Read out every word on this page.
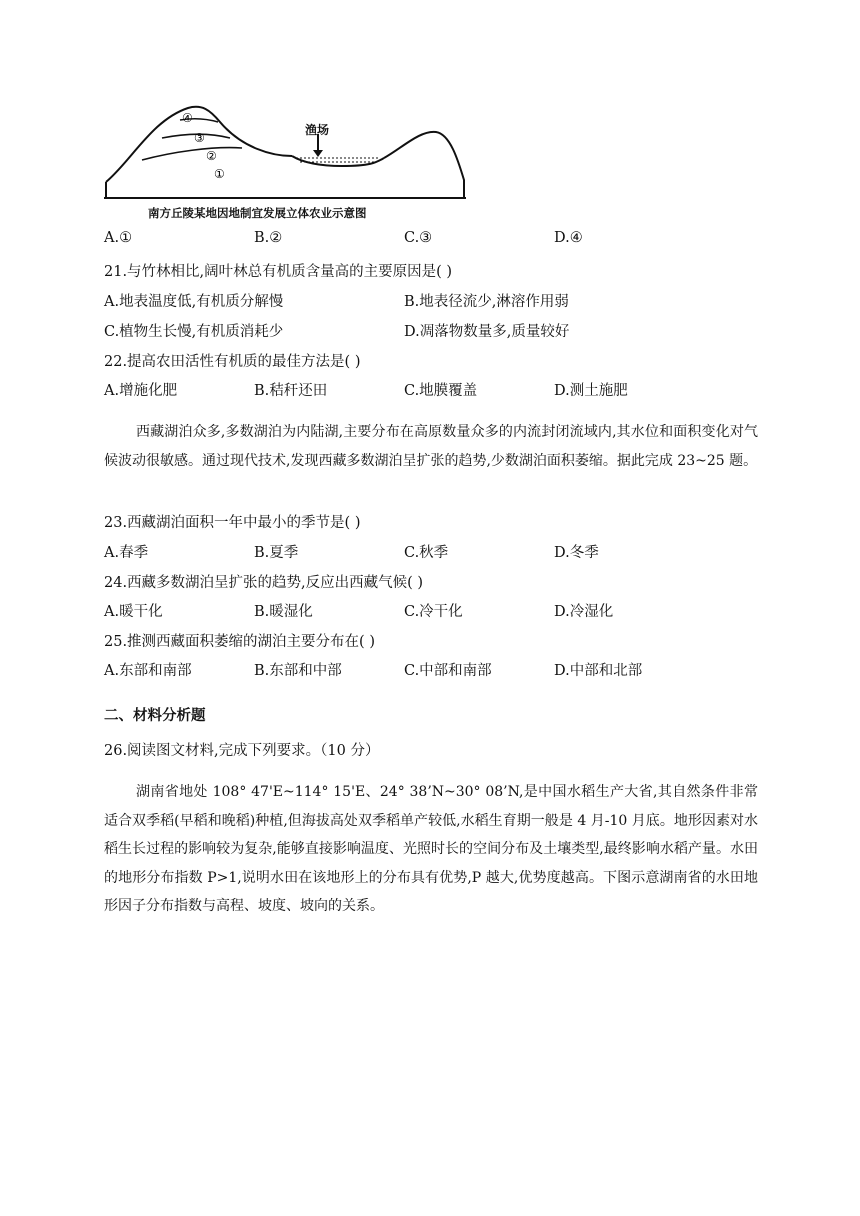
①
②
③
④
渔场
南方丘陵某地因地制宜发展立体农业示意图
A.①	B.②	C.③	D.④
21.与竹林相比,阔叶林总有机质含量高的主要原因是( )
A.地表温度低,有机质分解慢	B.地表径流少,淋溶作用弱
C.植物生长慢,有机质消耗少	D.凋落物数量多,质量较好
22.提高农田活性有机质的最佳方法是( )
A.增施化肥	B.秸秆还田	C.地膜覆盖	D.测土施肥
西藏湖泊众多,多数湖泊为内陆湖,主要分布在高原数量众多的内流封闭流域内,其水位和面积变化对气候波动很敏感。通过现代技术,发现西藏多数湖泊呈扩张的趋势,少数湖泊面积萎缩。据此完成 23~25 题。
23.西藏湖泊面积一年中最小的季节是( )
A.春季	B.夏季	C.秋季	D.冬季
24.西藏多数湖泊呈扩张的趋势,反应出西藏气候( )
A.暖干化	B.暖湿化	C.冷干化	D.冷湿化
25.推测西藏面积萎缩的湖泊主要分布在( )
A.东部和南部	B.东部和中部	C.中部和南部	D.中部和北部
二、材料分析题
26.阅读图文材料,完成下列要求。（10 分）
湖南省地处 108° 47'E~114° 15'E、24° 38’N~30° 08’N,是中国水稻生产大省,其自然条件非常适合双季稻(早稻和晚稻)种植,但海拔高处双季稻单产较低,水稻生育期一般是 4 月-10 月底。地形因素对水稻生长过程的影响较为复杂,能够直接影响温度、光照时长的空间分布及土壤类型,最终影响水稻产量。水田的地形分布指数 P>1,说明水田在该地形上的分布具有优势,P 越大,优势度越高。下图示意湖南省的水田地形因子分布指数与高程、坡度、坡向的关系。
